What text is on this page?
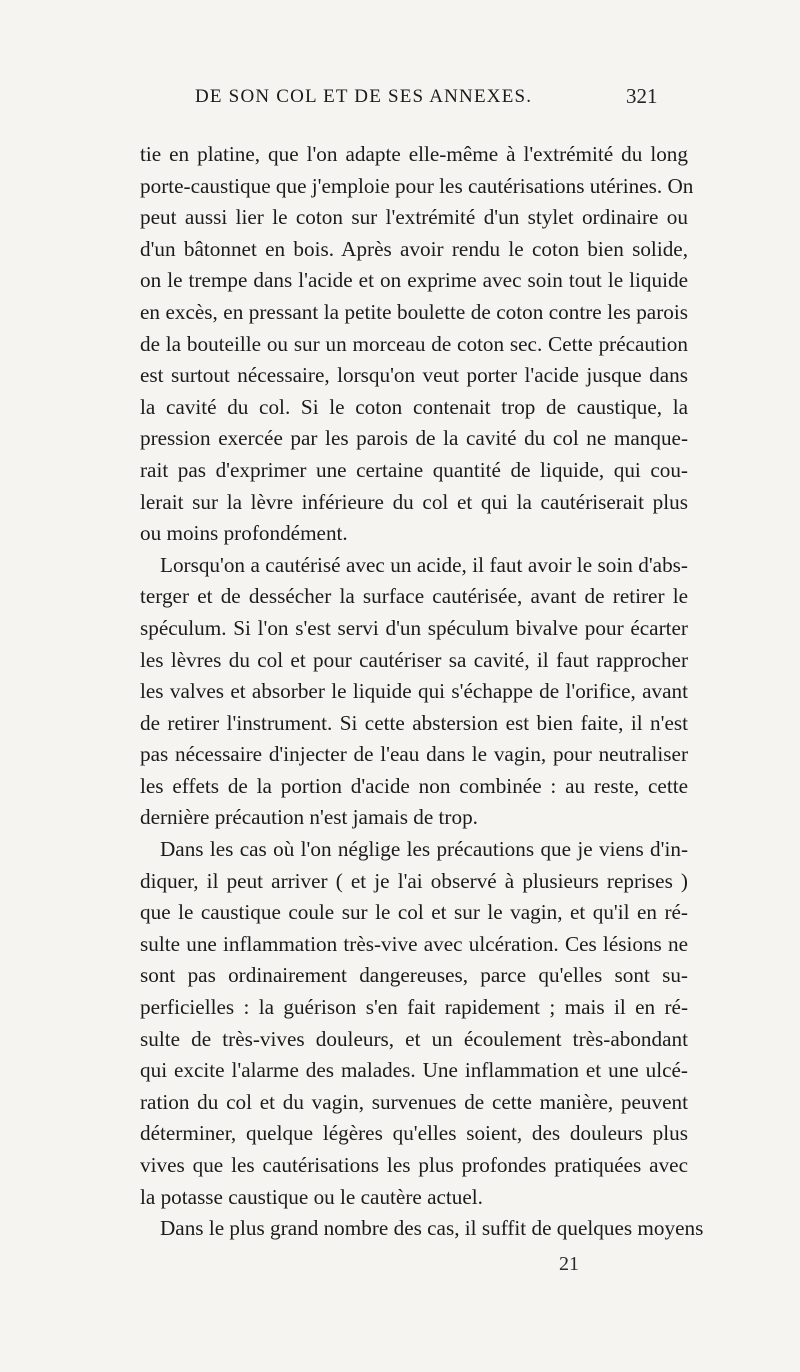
DE SON COL ET DE SES ANNEXES.	321
tie en platine, que l'on adapte elle-même à l'extrémité du long
porte-caustique que j'emploie pour les cautérisations utérines. On
peut aussi lier le coton sur l'extrémité d'un stylet ordinaire ou
d'un bâtonnet en bois. Après avoir rendu le coton bien solide,
on le trempe dans l'acide et on exprime avec soin tout le liquide
en excès, en pressant la petite boulette de coton contre les parois
de la bouteille ou sur un morceau de coton sec. Cette précaution
est surtout nécessaire, lorsqu'on veut porter l'acide jusque dans
la cavité du col. Si le coton contenait trop de caustique, la
pression exercée par les parois de la cavité du col ne manque-
rait pas d'exprimer une certaine quantité de liquide, qui cou-
lerait sur la lèvre inférieure du col et qui la cautériserait plus
ou moins profondément.
Lorsqu'on a cautérisé avec un acide, il faut avoir le soin d'abs-
terger et de dessécher la surface cautérisée, avant de retirer le
spéculum. Si l'on s'est servi d'un spéculum bivalve pour écarter
les lèvres du col et pour cautériser sa cavité, il faut rapprocher
les valves et absorber le liquide qui s'échappe de l'orifice, avant
de retirer l'instrument. Si cette abstersion est bien faite, il n'est
pas nécessaire d'injecter de l'eau dans le vagin, pour neutraliser
les effets de la portion d'acide non combinée : au reste, cette
dernière précaution n'est jamais de trop.
Dans les cas où l'on néglige les précautions que je viens d'in-
diquer, il peut arriver ( et je l'ai observé à plusieurs reprises )
que le caustique coule sur le col et sur le vagin, et qu'il en ré-
sulte une inflammation très-vive avec ulcération. Ces lésions ne
sont pas ordinairement dangereuses, parce qu'elles sont su-
perficielles : la guérison s'en fait rapidement ; mais il en ré-
sulte de très-vives douleurs, et un écoulement très-abondant
qui excite l'alarme des malades. Une inflammation et une ulcé-
ration du col et du vagin, survenues de cette manière, peuvent
déterminer, quelque légères qu'elles soient, des douleurs plus
vives que les cautérisations les plus profondes pratiquées avec
la potasse caustique ou le cautère actuel.
Dans le plus grand nombre des cas, il suffit de quelques moyens
21
